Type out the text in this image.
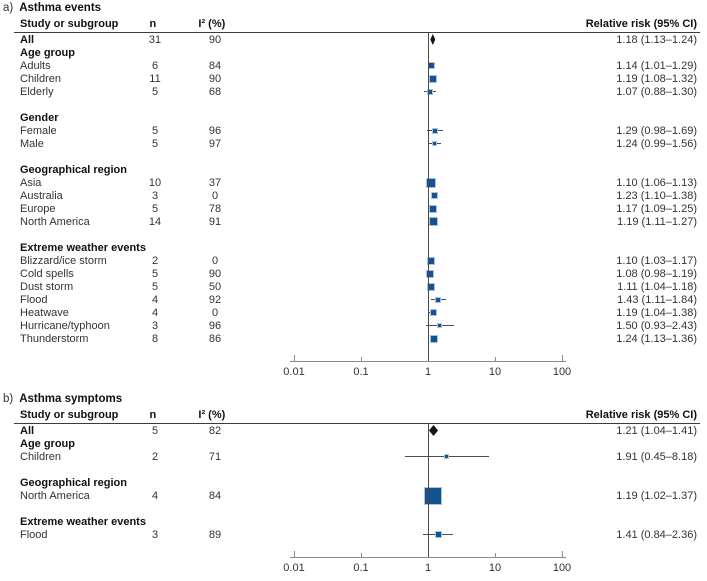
a) Asthma events
Study or subgroup	n	I² (%)	Relative risk (95% CI)
All	31	90	1.18 (1.13–1.24)
Age group
Adults	6	84	1.14 (1.01–1.29)
Children	11	90	1.19 (1.08–1.32)
Elderly	5	68	1.07 (0.88–1.30)
Gender
Female	5	96	1.29 (0.98–1.69)
Male	5	97	1.24 (0.99–1.56)
Geographical region
Asia	10	37	1.10 (1.06–1.13)
Australia	3	0	1.23 (1.10–1.38)
Europe	5	78	1.17 (1.09–1.25)
North America	14	91	1.19 (1.11–1.27)
Extreme weather events
Blizzard/ice storm	2	0	1.10 (1.03–1.17)
Cold spells	5	90	1.08 (0.98–1.19)
Dust storm	5	50	1.11 (1.04–1.18)
Flood	4	92	1.43 (1.11–1.84)
Heatwave	4	0	1.19 (1.04–1.38)
Hurricane/typhoon	3	96	1.50 (0.93–2.43)
Thunderstorm	8	86	1.24 (1.13–1.36)
0.01	0.1	1	10	100
b) Asthma symptoms
Study or subgroup	n	I² (%)	Relative risk (95% CI)
All	5	82	1.21 (1.04–1.41)
Age group
Children	2	71	1.91 (0.45–8.18)
Geographical region
North America	4	84	1.19 (1.02–1.37)
Extreme weather events
Flood	3	89	1.41 (0.84–2.36)
0.01	0.1	1	10	100
